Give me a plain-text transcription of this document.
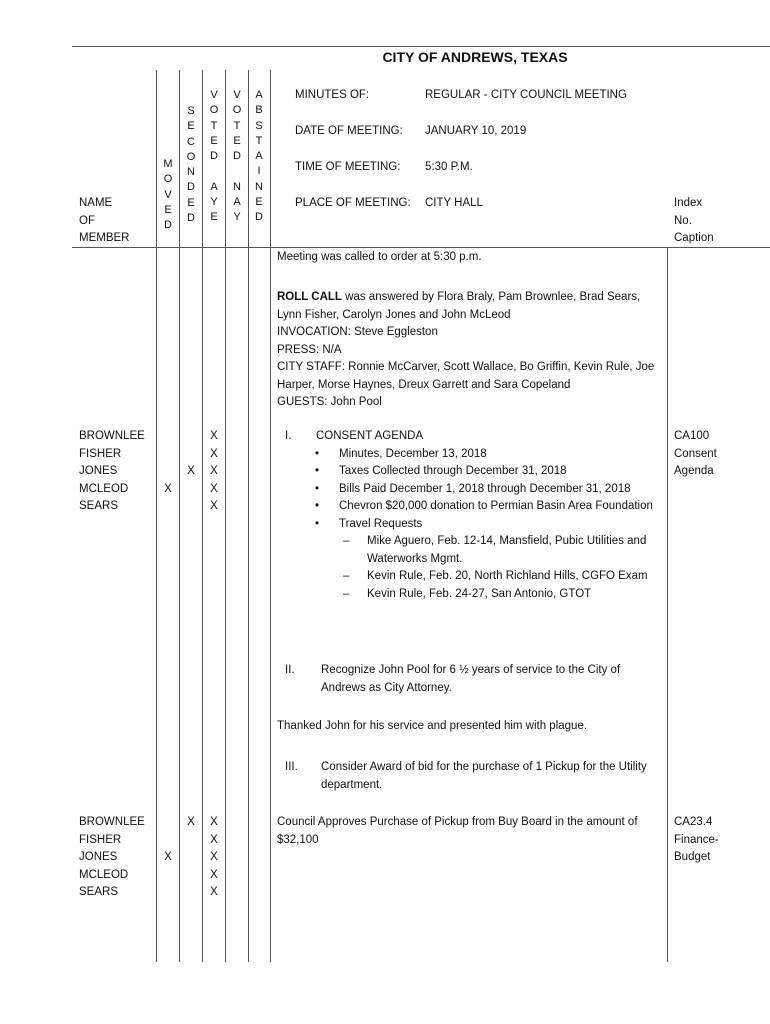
CITY OF ANDREWS, TEXAS
M
O
V
E
D
S
E
C
O
N
D
E
D
V
O
T
E
D

A
Y
E
V
O
T
E
D

N
A
Y
A
B
S
T
A
I
N
E
D
NAME
OF
MEMBER
Index
No.
Caption
MINUTES OF:	REGULAR - CITY COUNCIL MEETING
DATE OF MEETING: JANUARY 10, 2019
TIME OF MEETING: 5:30 P.M.
PLACE OF MEETING: CITY HALL
Meeting was called to order at 5:30 p.m.
ROLL CALL was answered by Flora Braly, Pam Brownlee, Brad Sears, Lynn Fisher, Carolyn Jones and John McLeod
INVOCATION: Steve Eggleston
PRESS: N/A
CITY STAFF: Ronnie McCarver, Scott Wallace, Bo Griffin, Kevin Rule, Joe Harper, Morse Haynes, Dreux Garrett and Sara Copeland
GUESTS: John Pool
BROWNLEE
FISHER
JONES
MCLEOD
SEARS
X
X
X
X
X
X
X
I. CONSENT AGENDA
• Minutes, December 13, 2018
• Taxes Collected through December 31, 2018
• Bills Paid December 1, 2018 through December 31, 2018
• Chevron $20,000 donation to Permian Basin Area Foundation
• Travel Requests
– Mike Aguero, Feb. 12-14, Mansfield, Pubic Utilities and Waterworks Mgmt.
– Kevin Rule, Feb. 20, North Richland Hills, CGFO Exam
– Kevin Rule, Feb. 24-27, San Antonio, GTOT
CA100
Consent
Agenda
II. Recognize John Pool for 6 ½ years of service to the City of Andrews as City Attorney.
Thanked John for his service and presented him with plague.
III. Consider Award of bid for the purchase of 1 Pickup for the Utility department.
BROWNLEE
FISHER
JONES
MCLEOD
SEARS
X
X X
X
X
X
X
Council Approves Purchase of Pickup from Buy Board in the amount of $32,100
CA23.4
Finance-
Budget
